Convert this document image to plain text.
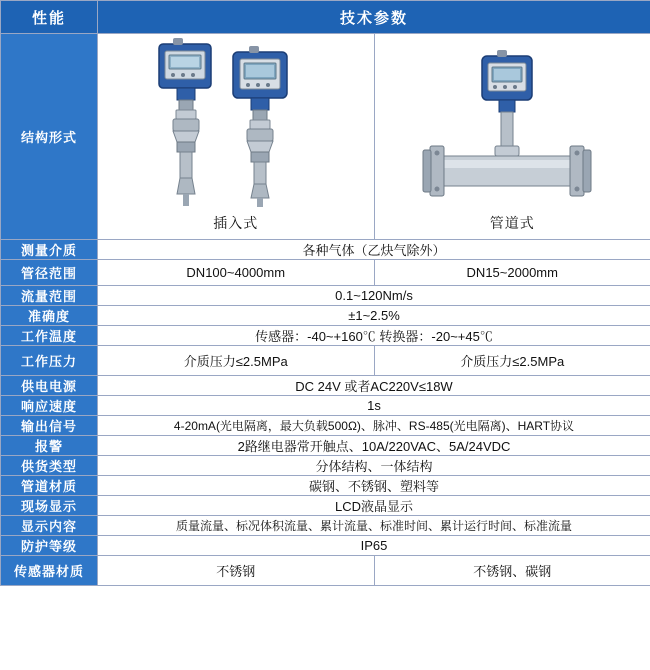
性能	技术参数
结构形式	插入式 管道式

测量介质	各种气体（乙炔气除外）
管径范围	DN100~4000mm DN15~2000mm

流量范围	0.1~120Nm/s
准确度	±1~2.5%
工作温度	传感器：-40~+160℃ 转换器：-20~+45℃
工作压力	介质压力≤2.5MPa 介质压力≤2.5MPa

供电电源	DC 24V 或者AC220V≤18W
响应速度	1s
输出信号	4-20mA(光电隔离，最大负载500Ω)、脉冲、RS-485(光电隔离)、HART协议
报警	2路继电器常开触点、10A/220VAC、5A/24VDC
供货类型	分体结构、一体结构
管道材质	碳钢、不锈钢、塑料等
现场显示	LCD液晶显示
显示内容	质量流量、标况体积流量、累计流量、标准时间、累计运行时间、标准流量
防护等级	IP65
传感器材质	不锈钢 不锈钢、碳钢
